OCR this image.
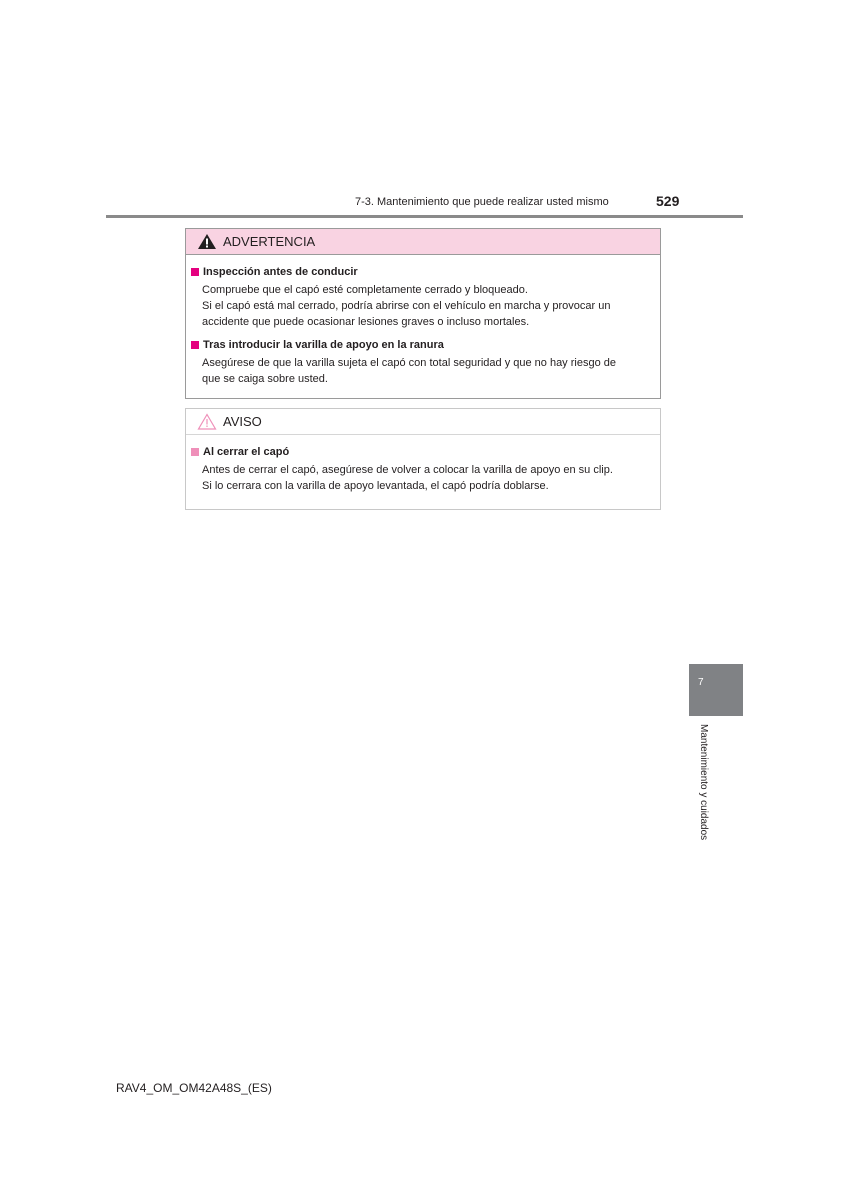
7-3. Mantenimiento que puede realizar usted mismo	529
ADVERTENCIA
Inspección antes de conducir
Compruebe que el capó esté completamente cerrado y bloqueado.
Si el capó está mal cerrado, podría abrirse con el vehículo en marcha y provocar un
accidente que puede ocasionar lesiones graves o incluso mortales.
Tras introducir la varilla de apoyo en la ranura
Asegúrese de que la varilla sujeta el capó con total seguridad y que no hay riesgo de
que se caiga sobre usted.
AVISO
Al cerrar el capó
Antes de cerrar el capó, asegúrese de volver a colocar la varilla de apoyo en su clip.
Si lo cerrara con la varilla de apoyo levantada, el capó podría doblarse.
7
Mantenimiento y cuidados
RAV4_OM_OM42A48S_(ES)
